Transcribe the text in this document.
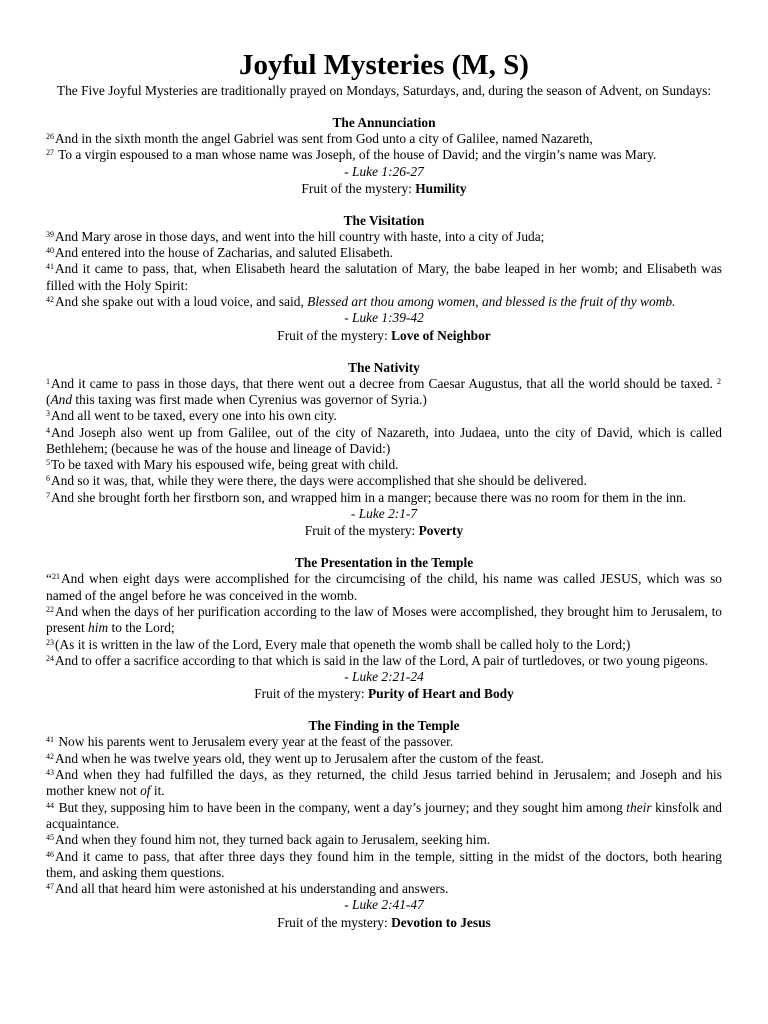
Joyful Mysteries (M, S)
The Five Joyful Mysteries are traditionally prayed on Mondays, Saturdays, and, during the season of Advent, on Sundays:
The Annunciation
$^{26}$And in the sixth month the angel Gabriel was sent from God unto a city of Galilee, named Nazareth,
$^{27}$ To a virgin espoused to a man whose name was Joseph, of the house of David; and the virgin’s name was Mary.
- Luke 1:26-27
Fruit of the mystery: Humility
The Visitation
$^{39}$And Mary arose in those days, and went into the hill country with haste, into a city of Juda;
$^{40}$And entered into the house of Zacharias, and saluted Elisabeth.
$^{41}$And it came to pass, that, when Elisabeth heard the salutation of Mary, the babe leaped in her womb; and Elisabeth was filled with the Holy Spirit:
$^{42}$And she spake out with a loud voice, and said, Blessed art thou among women, and blessed is the fruit of thy womb.
- Luke 1:39-42
Fruit of the mystery: Love of Neighbor
The Nativity
$^1$And it came to pass in those days, that there went out a decree from Caesar Augustus, that all the world should be taxed. $^2$ (And this taxing was first made when Cyrenius was governor of Syria.)
$^3$And all went to be taxed, every one into his own city.
$^4$And Joseph also went up from Galilee, out of the city of Nazareth, into Judaea, unto the city of David, which is called Bethlehem; (because he was of the house and lineage of David:)
$^5$To be taxed with Mary his espoused wife, being great with child.
$^6$And so it was, that, while they were there, the days were accomplished that she should be delivered.
$^7$And she brought forth her firstborn son, and wrapped him in a manger; because there was no room for them in the inn.
- Luke 2:1-7
Fruit of the mystery: Poverty
The Presentation in the Temple
“$^{21}$And when eight days were accomplished for the circumcising of the child, his name was called JESUS, which was so named of the angel before he was conceived in the womb.
$^{22}$And when the days of her purification according to the law of Moses were accomplished, they brought him to Jerusalem, to present him to the Lord;
$^{23}$(As it is written in the law of the Lord, Every male that openeth the womb shall be called holy to the Lord;)
$^{24}$And to offer a sacrifice according to that which is said in the law of the Lord, A pair of turtledoves, or two young pigeons.
- Luke 2:21-24
Fruit of the mystery: Purity of Heart and Body
The Finding in the Temple
$^{41}$ Now his parents went to Jerusalem every year at the feast of the passover.
$^{42}$And when he was twelve years old, they went up to Jerusalem after the custom of the feast.
$^{43}$And when they had fulfilled the days, as they returned, the child Jesus tarried behind in Jerusalem; and Joseph and his mother knew not of it.
$^{44}$ But they, supposing him to have been in the company, went a day’s journey; and they sought him among their kinsfolk and acquaintance.
$^{45}$And when they found him not, they turned back again to Jerusalem, seeking him.
$^{46}$And it came to pass, that after three days they found him in the temple, sitting in the midst of the doctors, both hearing them, and asking them questions.
$^{47}$And all that heard him were astonished at his understanding and answers.
- Luke 2:41-47
Fruit of the mystery: Devotion to Jesus
